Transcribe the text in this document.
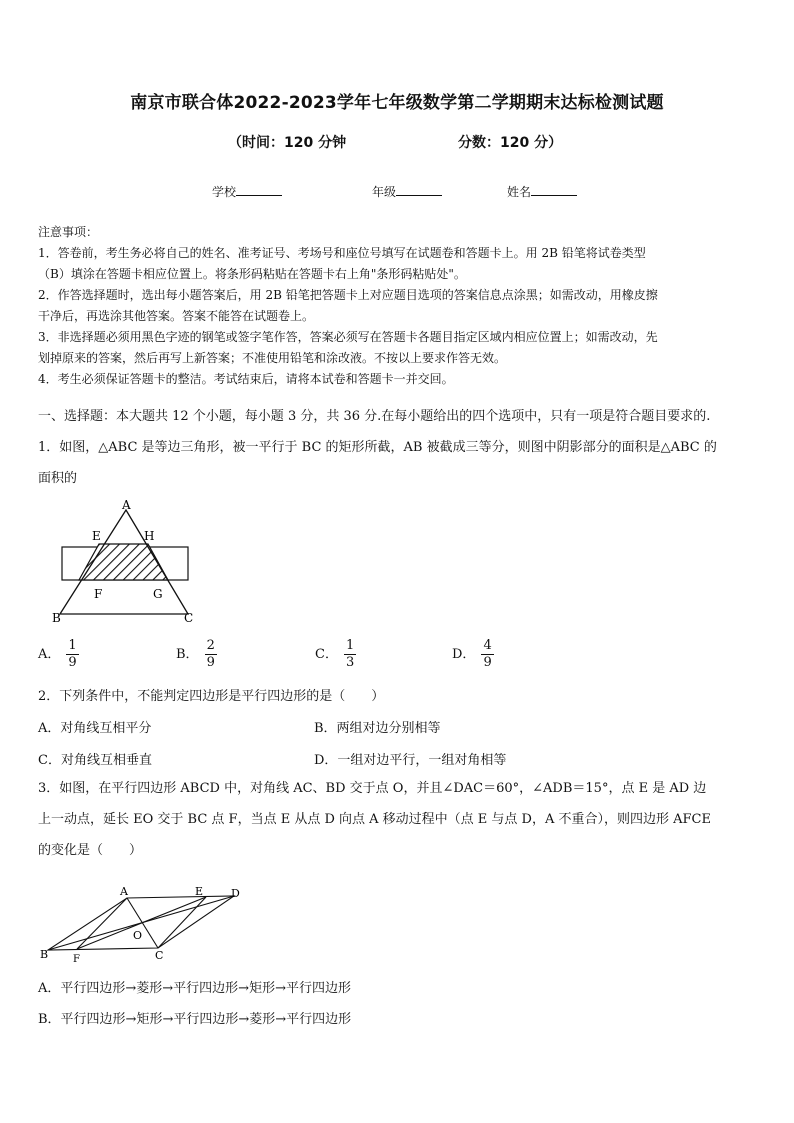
南京市联合体2022-2023学年七年级数学第二学期期末达标检测试题
（时间：120 分钟	分数：120 分）
学校	年级	姓名

注意事项：

1．答卷前，考生务必将自己的姓名、准考证号、考场号和座位号填写在试题卷和答题卡上。用 2B 铅笔将试卷类型

（B）填涂在答题卡相应位置上。将条形码粘贴在答题卡右上角"条形码粘贴处"。

2．作答选择题时，选出每小题答案后，用 2B 铅笔把答题卡上对应题目选项的答案信息点涂黑；如需改动，用橡皮擦

干净后，再选涂其他答案。答案不能答在试题卷上。

3．非选择题必须用黑色字迹的钢笔或签字笔作答，答案必须写在答题卡各题目指定区域内相应位置上；如需改动，先

划掉原来的答案，然后再写上新答案；不准使用铅笔和涂改液。不按以上要求作答无效。

4．考生必须保证答题卡的整洁。考试结束后，请将本试卷和答题卡一并交回。

一、选择题：本大题共 12 个小题，每小题 3 分，共 36 分.在每小题给出的四个选项中，只有一项是符合题目要求的.
1．如图，△ABC 是等边三角形，被一平行于 BC 的矩形所截，AB 被截成三等分，则图中阴影部分的面积是△ABC 的
面积的
A
E	H
F	G
B	C
A． $\frac{1}{9}$	B． $\frac{2}{9}$	C． $\frac{1}{3}$	D． $\frac{4}{9}$
2．下列条件中，不能判定四边形是平行四边形的是（　　）
A．对角线互相平分	B．两组对边分别相等
C．对角线互相垂直	D．一组对边平行，一组对角相等
3．如图，在平行四边形 ABCD 中，对角线 AC、BD 交于点 O，并且∠DAC＝60°，∠ADB＝15°，点 E 是 AD 边
上一动点，延长 EO 交于 BC 点 F，当点 E 从点 D 向点 A 移动过程中（点 E 与点 D，A 不重合），则四边形 AFCE
的变化是（　　）
A	E	D
O
B F	C
A．平行四边形→菱形→平行四边形→矩形→平行四边形
B．平行四边形→矩形→平行四边形→菱形→平行四边形
